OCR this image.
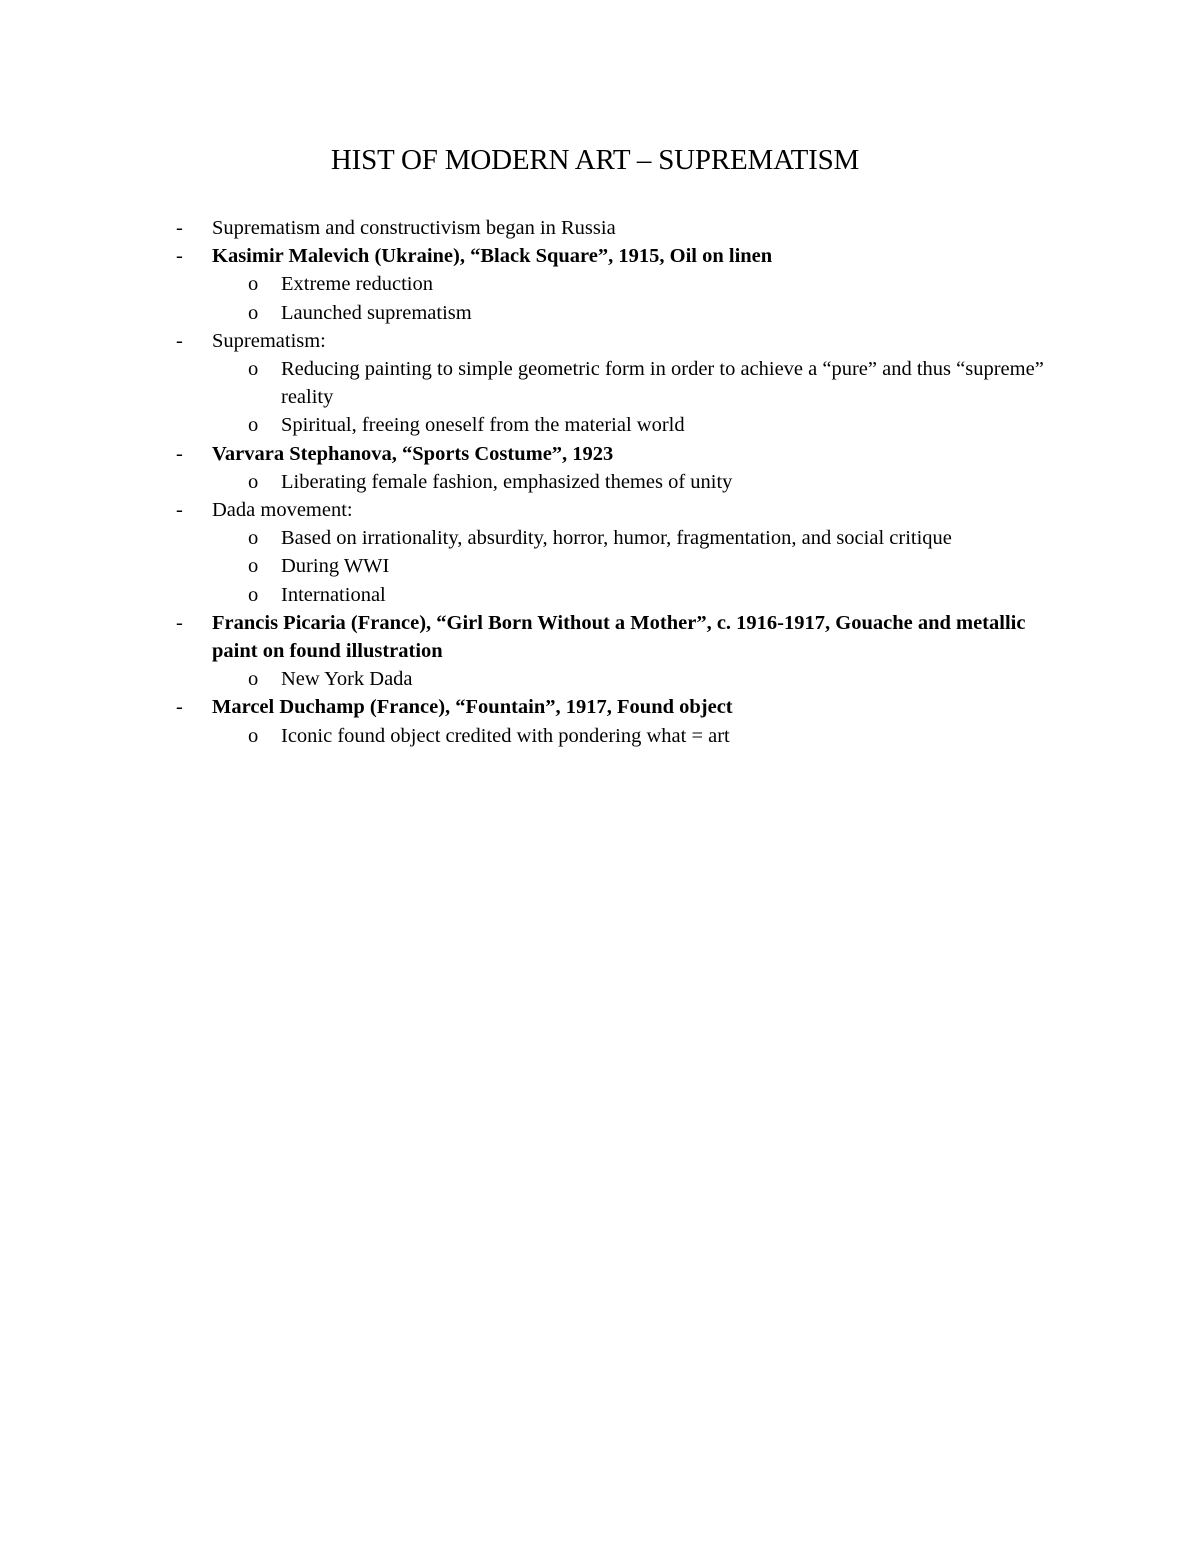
HIST OF MODERN ART – SUPREMATISM
- Suprematism and constructivism began in Russia
- Kasimir Malevich (Ukraine), “Black Square”, 1915, Oil on linen
o Extreme reduction
o Launched suprematism
- Suprematism:
o Reducing painting to simple geometric form in order to achieve a “pure” and thus “supreme” reality
o Spiritual, freeing oneself from the material world
- Varvara Stephanova, “Sports Costume”, 1923
o Liberating female fashion, emphasized themes of unity
- Dada movement:
o Based on irrationality, absurdity, horror, humor, fragmentation, and social critique
o During WWI
o International
- Francis Picaria (France), “Girl Born Without a Mother”, c. 1916-1917, Gouache and metallic paint on found illustration
o New York Dada
- Marcel Duchamp (France), “Fountain”, 1917, Found object
o Iconic found object credited with pondering what = art
